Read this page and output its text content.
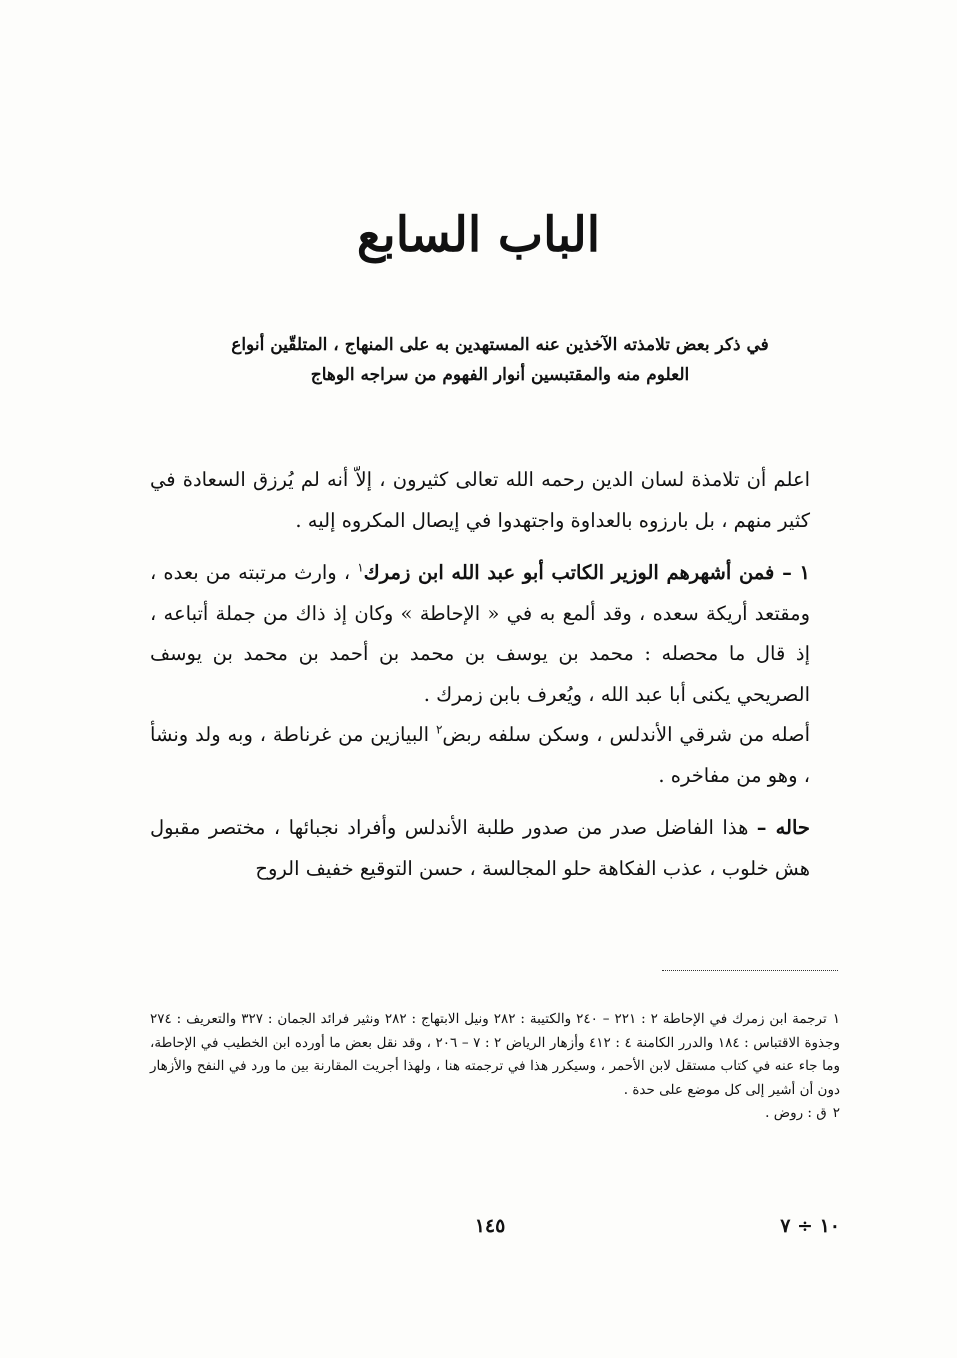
الباب السابع
في ذكر بعض تلامذته الآخذين عنه المستهدين به على المنهاج ، المتلقّين أنواع
العلوم منه والمقتبسين أنوار الفهوم من سراجه الوهاج

اعلم أن تلامذة لسان الدين رحمه الله تعالى كثيرون ، إلاّ أنه لم يُرزق السعادة في كثير منهم ، بل بارزوه بالعداوة واجتهدوا في إيصال المكروه إليه .

١ – فمن أشهرهم الوزير الكاتب أبو عبد الله ابن زمرك$^١$ ، وارث مرتبته من بعده ، ومقتعد أريكة سعده ، وقد ألمع به في « الإحاطة » وكان إذ ذاك من جملة أتباعه ، إذ قال ما محصله : محمد بن يوسف بن محمد بن أحمد بن محمد بن يوسف الصريحي يكنى أبا عبد الله ، ويُعرف بابن زمرك .

أصله من شرقي الأندلس ، وسكن سلفه ربض$^٢$ البيازين من غرناطة ، وبه ولد ونشأ ، وهو من مفاخره .

حاله – هذا الفاضل صدر من صدور طلبة الأندلس وأفراد نجبائها ، مختصر مقبول هش خلوب ، عذب الفكاهة حلو المجالسة ، حسن التوقيع خفيف الروح

١ترجمة ابن زمرك في الإحاطة ٢ : ٢٢١ – ٢٤٠ والكتيبة : ٢٨٢ ونيل الابتهاج : ٢٨٢ ونثير فرائد الجمان : ٣٢٧ والتعريف : ٢٧٤ وجذوة الاقتباس : ١٨٤ والدرر الكامنة ٤ : ٤١٢ وأزهار الرياض ٢ : ٧ – ٢٠٦ ، وقد نقل بعض ما أورده ابن الخطيب في الإحاطة، وما جاء عنه في كتاب مستقل لابن الأحمر ، وسيكرر هذا في ترجمته هنا ، ولهذا أجريت المقارنة بين ما ورد في النفح والأزهار دون أن أشير إلى كل موضع على حدة .

٢ق : روض .

١٠ ÷ ٧
١٤٥
